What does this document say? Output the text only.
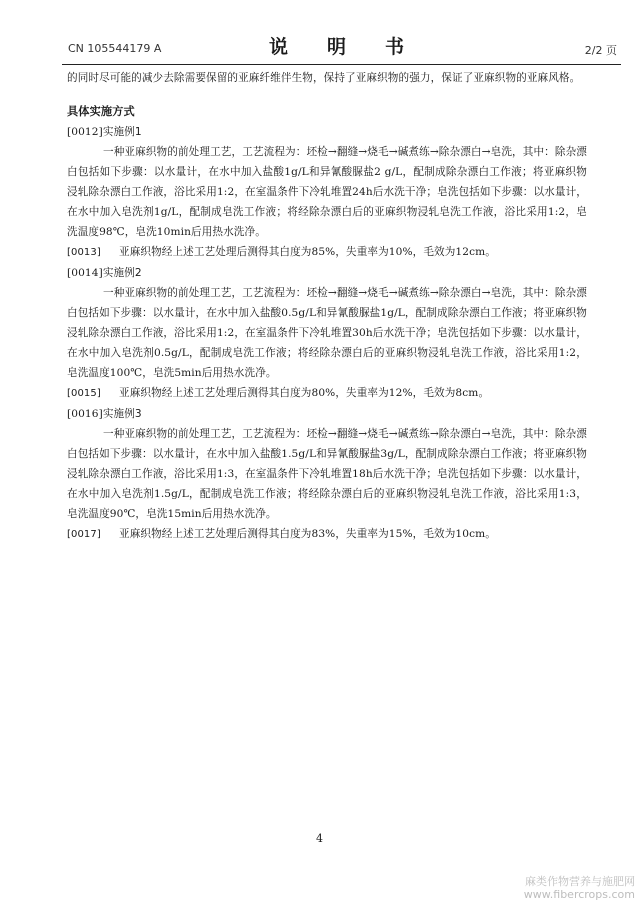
CN 105544179 A	说　明　书	2/2 页

的同时尽可能的减少去除需要保留的亚麻纤维伴生物，保持了亚麻织物的强力，保证了亚麻织物的亚麻风格。

具体实施方式

[0012]实施例1

一种亚麻织物的前处理工艺，工艺流程为：坯检→翻缝→烧毛→碱煮练→除杂漂白→皂洗，其中：除杂漂白包括如下步骤：以水量计，在水中加入盐酸1g/L和异氰酸脲盐2 g/L，配制成除杂漂白工作液；将亚麻织物浸轧除杂漂白工作液，浴比采用1:2，在室温条件下冷轧堆置24h后水洗干净；皂洗包括如下步骤：以水量计，在水中加入皂洗剂1g/L，配制成皂洗工作液；将经除杂漂白后的亚麻织物浸轧皂洗工作液，浴比采用1:2，皂洗温度98℃，皂洗10min后用热水洗净。

[0013] 亚麻织物经上述工艺处理后测得其白度为85%，失重率为10%，毛效为12cm。

[0014]实施例2

一种亚麻织物的前处理工艺，工艺流程为：坯检→翻缝→烧毛→碱煮练→除杂漂白→皂洗，其中：除杂漂白包括如下步骤：以水量计，在水中加入盐酸0.5g/L和异氰酸脲盐1g/L，配制成除杂漂白工作液；将亚麻织物浸轧除杂漂白工作液，浴比采用1:2，在室温条件下冷轧堆置30h后水洗干净；皂洗包括如下步骤：以水量计，在水中加入皂洗剂0.5g/L，配制成皂洗工作液；将经除杂漂白后的亚麻织物浸轧皂洗工作液，浴比采用1:2，皂洗温度100℃，皂洗5min后用热水洗净。

[0015] 亚麻织物经上述工艺处理后测得其白度为80%，失重率为12%，毛效为8cm。

[0016]实施例3

一种亚麻织物的前处理工艺，工艺流程为：坯检→翻缝→烧毛→碱煮练→除杂漂白→皂洗，其中：除杂漂白包括如下步骤：以水量计，在水中加入盐酸1.5g/L和异氰酸脲盐3g/L，配制成除杂漂白工作液；将亚麻织物浸轧除杂漂白工作液，浴比采用1:3，在室温条件下冷轧堆置18h后水洗干净；皂洗包括如下步骤：以水量计，在水中加入皂洗剂1.5g/L，配制成皂洗工作液；将经除杂漂白后的亚麻织物浸轧皂洗工作液，浴比采用1:3，皂洗温度90℃，皂洗15min后用热水洗净。

[0017] 亚麻织物经上述工艺处理后测得其白度为83%，失重率为15%，毛效为10cm。

4
麻类作物营养与施肥网
www.fibercrops.com
